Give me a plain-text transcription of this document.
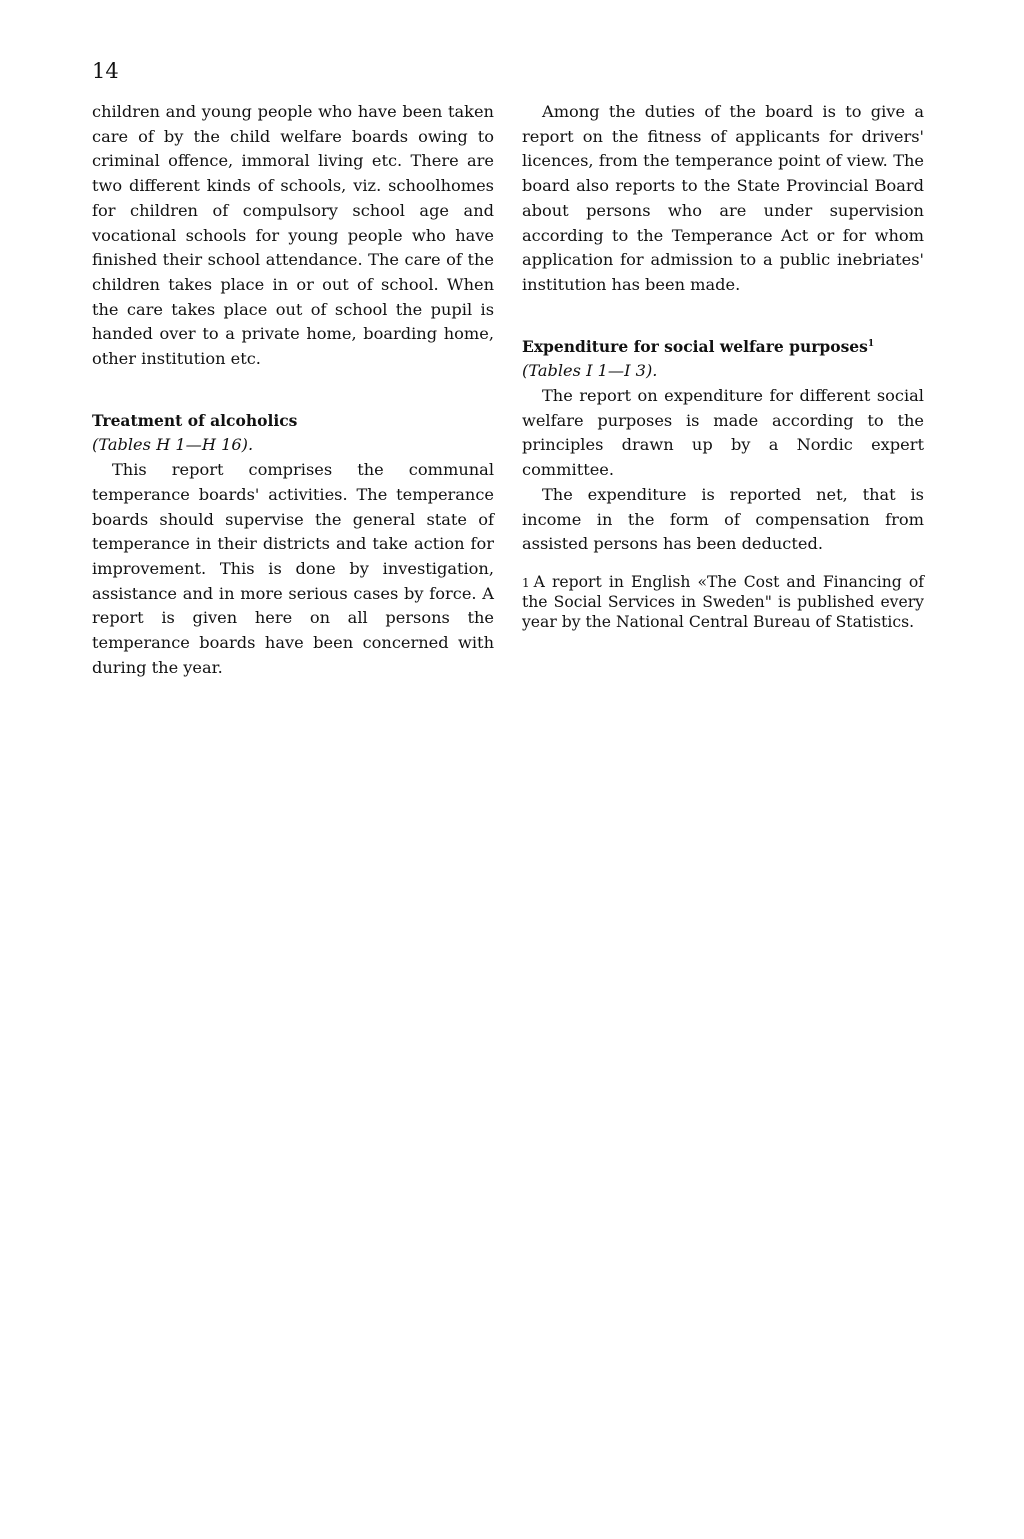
14

children and young people who have been taken care of by the child welfare boards owing to criminal offence, immoral living etc. There are two different kinds of schools, viz. schoolhomes for children of compulsory school age and vocational schools for young people who have finished their school attendance. The care of the children takes place in or out of school. When the care takes place out of school the pupil is handed over to a private home, boarding home, other institution etc.

Treatment of alcoholics

(Tables H 1—H 16).

This report comprises the communal temperance boards' activities. The temperance boards should supervise the general state of temperance in their districts and take action for improvement. This is done by investigation, assistance and in more serious cases by force. A report is given here on all persons the temperance boards have been concerned with during the year.

Among the duties of the board is to give a report on the fitness of applicants for drivers' licences, from the temperance point of view. The board also reports to the State Provincial Board about persons who are under supervision according to the Temperance Act or for whom application for admission to a public inebriates' institution has been made.

Expenditure for social welfare purposes$^1$

(Tables I 1—I 3).

The report on expenditure for different social welfare purposes is made according to the principles drawn up by a Nordic expert committee.

The expenditure is reported net, that is income in the form of compensation from assisted persons has been deducted.

1 A report in English «The Cost and Financing of the Social Services in Sweden" is published every year by the National Central Bureau of Statistics.
